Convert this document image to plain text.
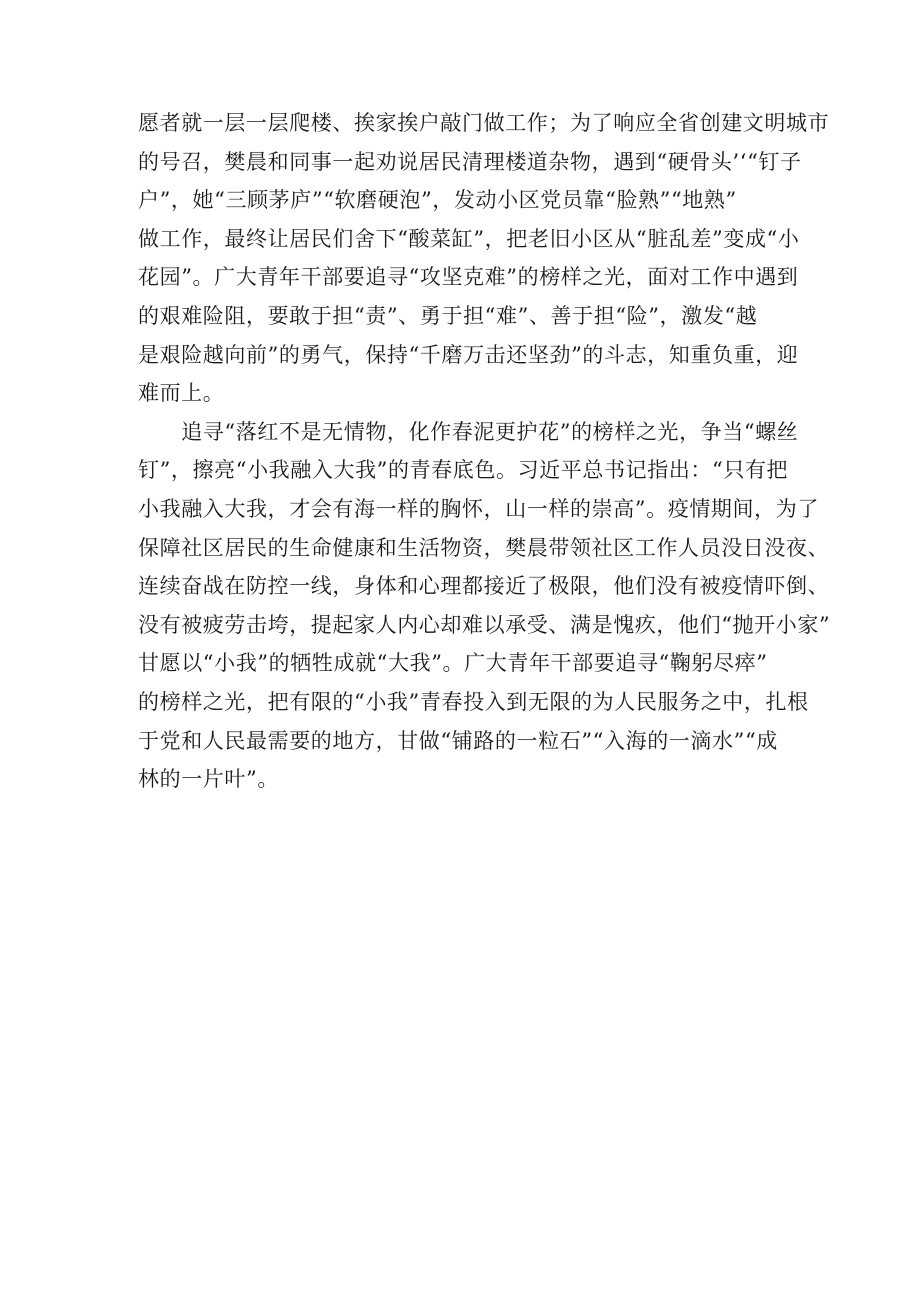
愿者就一层一层爬楼、挨家挨户敲门做工作；为了响应全省创建文明城市
的号召，樊晨和同事一起劝说居民清理楼道杂物，遇到“硬骨头’‘“钉子
户”，她“三顾茅庐”“软磨硬泡”，发动小区党员靠“脸熟”“地熟”
做工作，最终让居民们舍下“酸菜缸”，把老旧小区从“脏乱差”变成“小
花园”。广大青年干部要追寻“攻坚克难”的榜样之光，面对工作中遇到
的艰难险阻，要敢于担“责”、勇于担“难”、善于担“险”，激发“越
是艰险越向前”的勇气，保持“千磨万击还坚劲”的斗志，知重负重，迎
难而上。
　　追寻“落红不是无情物，化作春泥更护花”的榜样之光，争当“螺丝
钉”，擦亮“小我融入大我”的青春底色。习近平总书记指出：“只有把
小我融入大我，才会有海一样的胸怀，山一样的崇高”。疫情期间，为了
保障社区居民的生命健康和生活物资，樊晨带领社区工作人员没日没夜、
连续奋战在防控一线，身体和心理都接近了极限，他们没有被疫情吓倒、
没有被疲劳击垮，提起家人内心却难以承受、满是愧疚，他们“抛开小家”
甘愿以“小我”的牺牲成就“大我”。广大青年干部要追寻“鞠躬尽瘁”
的榜样之光，把有限的“小我”青春投入到无限的为人民服务之中，扎根
于党和人民最需要的地方，甘做“铺路的一粒石”“入海的一滴水”“成
林的一片叶”。
